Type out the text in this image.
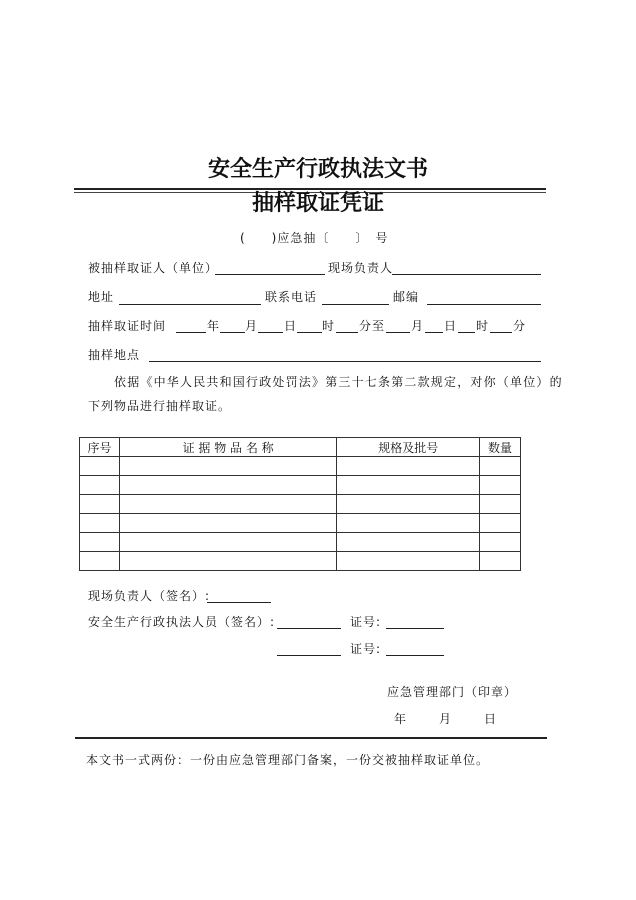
安全生产行政执法文书
抽样取证凭证
(　　)应急抽〔　　〕　号
被抽样取证人（单位）	现场负责人
地址	联系电话	邮编
抽样取证时间	年 月 日 时 分至 月 日 时 分
抽样地点
依据《中华人民共和国行政处罚法》第三十七条第二款规定，对你（单位）的
下列物品进行抽样取证。
序号	证 据 物 品 名 称	规格及批号	数量

现场负责人（签名）:
安全生产行政执法人员（签名）:	证号:
证号:
应急管理部门（印章）
年	月	日
本文书一式两份：一份由应急管理部门备案，一份交被抽样取证单位。
